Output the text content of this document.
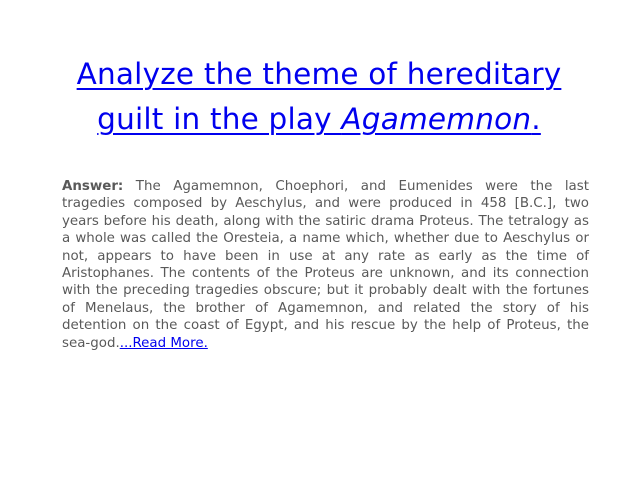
Analyze the theme of hereditary guilt in the play Agamemnon.

Answer: The Agamemnon, Choephori, and Eumenides were the last tragedies composed by Aeschylus, and were produced in 458 [B.C.], two years before his death, along with the satiric drama Proteus. The tetralogy as a whole was called the Oresteia, a name which, whether due to Aeschylus or not, appears to have been in use at any rate as early as the time of Aristophanes. The contents of the Proteus are unknown, and its connection with the preceding tragedies obscure; but it probably dealt with the fortunes of Menelaus, the brother of Agamemnon, and related the story of his detention on the coast of Egypt, and his rescue by the help of Proteus, the sea-god....Read More.
